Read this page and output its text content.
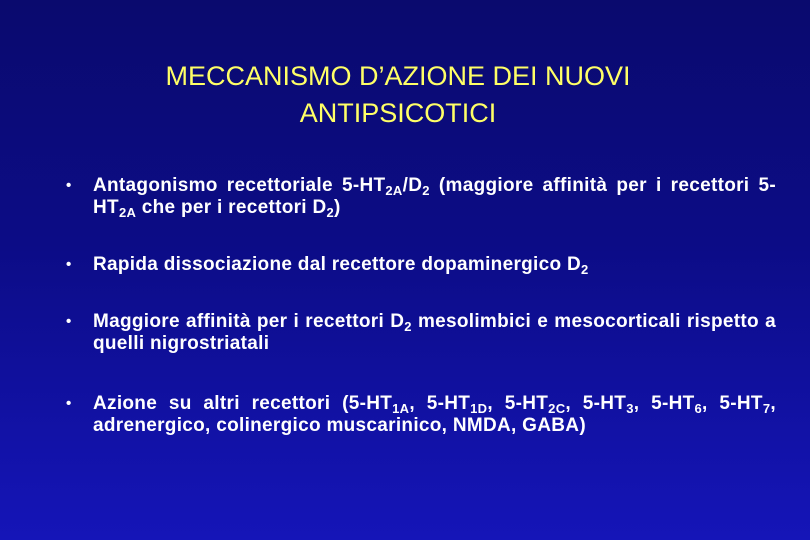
MECCANISMO D’AZIONE DEI NUOVI
ANTIPSICOTICI
• Antagonismo recettoriale $5-HT_{2A}/D_2$ (maggiore affinità per i recettori $5-HT_{2A}$ che per i recettori $D_2$)
• Rapida dissociazione dal recettore dopaminergico $D_2$
• Maggiore affinità per i recettori $D_2$ mesolimbici e mesocorticali rispetto a quelli nigrostriatali
• Azione su altri recettori ($5-HT_{1A}$, $5-HT_{1D}$, $5-HT_{2C}$, $5-HT_3$, $5-HT_6$, $5-HT_7$, adrenergico, colinergico muscarinico, NMDA, GABA)
